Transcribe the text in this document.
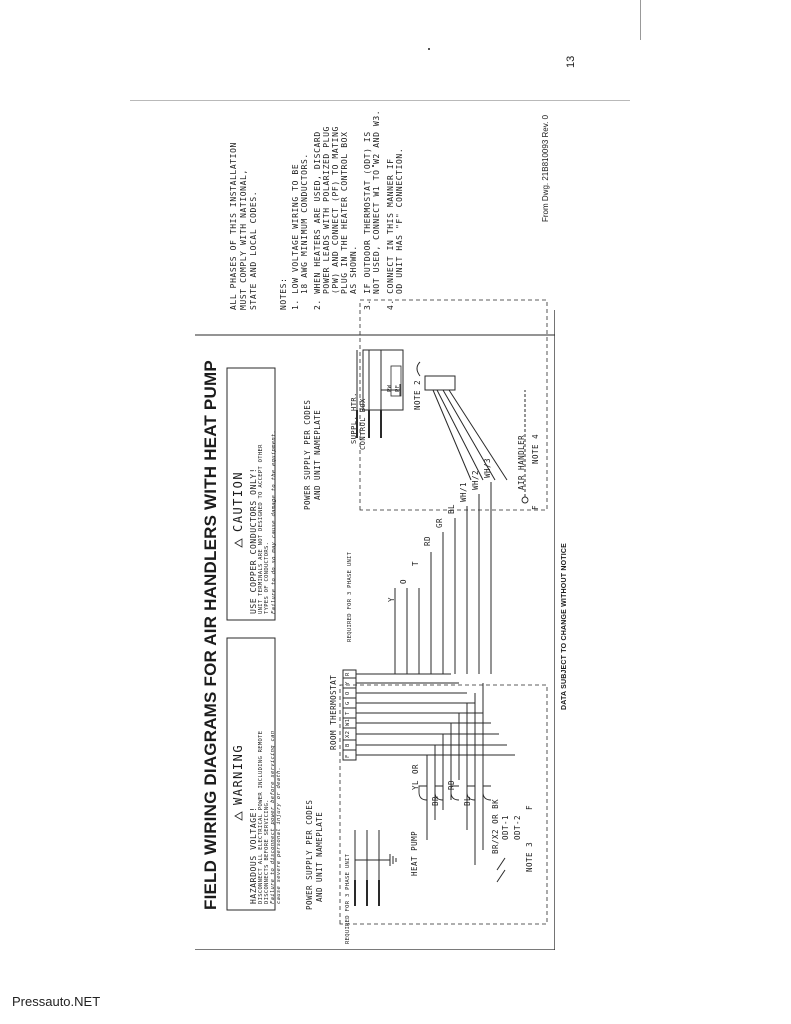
FIELD WIRING DIAGRAMS FOR AIR HANDLERS WITH HEAT PUMP WARNING
HAZARDOUS VOLTAGE! DISCONNECT ALL ELECTRICAL POWER INCLUDING REMOTE DISCONNECTS BEFORE SERVICING. Failure to disconnect power before servicing can cause severe personal injury or death.
CAUTION USE COPPER CONDUCTORS ONLY! UNIT TERMINALS ARE NOT DESIGNED TO ACCEPT OTHER TYPES OF CONDUCTORS. Failure to do so may cause damage to the equipment.
ALL PHASES OF THIS INSTALLATION MUST COMPLY WITH NATIONAL, STATE AND LOCAL CODES.	NOTES: 1. LOW VOLTAGE WIRING TO BE 18 AWG MINIMUM CONDUCTORS. 2. WHEN HEATERS ARE USED, DISCARD POWER LEADS WITH POLARIZED PLUG (PW) AND CONNECT (PF) TO MATING PLUG IN THE HEATER CONTROL BOX AS SHOWN. 3. IF OUTDOOR THERMOSTAT (ODT) IS NOT USED, CONNECT W1 TO W2 AND W3. 4. CONNECT IN THIS MANNER IF OD UNIT HAS "F" CONNECTION.
REQUIRED FOR 3 PHASE UNIT
POWER SUPPLY PER CODES AND UNIT NAMEPLATE	HEAT PUMP
YL
OR
BR
RD
BL	BR/X2 OR BK ODT-1 ODT-2
F
NOTE 3
ROOM THERMOSTAT
F
B
X2
W1
T
G
O
Y
R
POWER SUPPLY PER CODES AND UNIT NAMEPLATE
REQUIRED FOR 3 PHASE UNIT
SUPPL. HTR. CONTROL BOX
PW PF NOTE 2
AIR HANDLER
Y
O
T
RD
GR
BL
WH/1
WH/2
WH/3
F
NOTE 4
DATA SUBJECT TO CHANGE WITHOUT NOTICE
From Dwg. 21B810093 Rev. 0
13
Pressauto.NET
